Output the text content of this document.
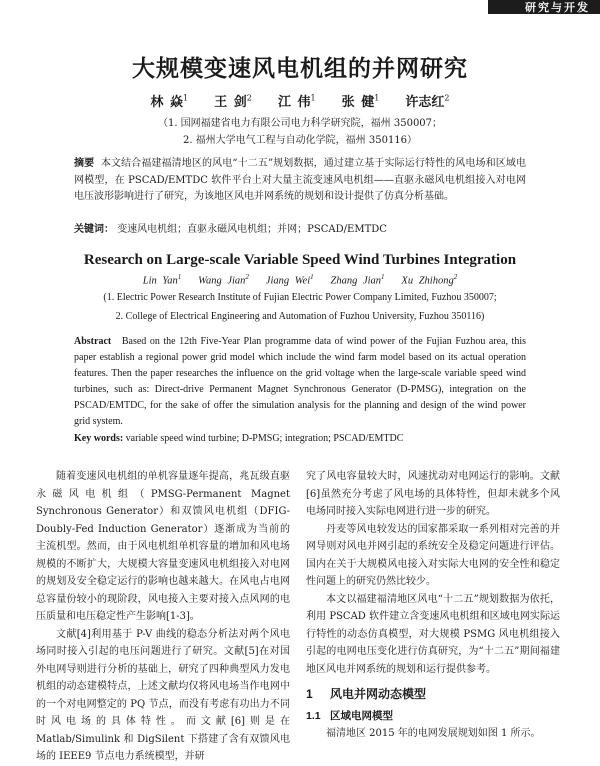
研究与开发
大规模变速风电机组的并网研究
林 焱$^1$ 王 剑$^2$ 江 伟$^1$ 张 健$^1$ 许志红$^2$
（1. 国网福建省电力有限公司电力科学研究院，福州 350007；
2. 福州大学电气工程与自动化学院，福州 350116）
摘要 本文结合福建福清地区的风电“十二五”规划数据，通过建立基于实际运行特性的风电场和区域电网模型，在 PSCAD/EMTDC 软件平台上对大量主流变速风电机组——直驱永磁风电机组接入对电网电压波形影响进行了研究，为该地区风电并网系统的规划和设计提供了仿真分析基础。
关键词： 变速风电机组；直驱永磁风电机组；并网；PSCAD/EMTDC
Research on Large-scale Variable Speed Wind Turbines Integration
Lin Yan$^1$ Wang Jian$^2$ Jiang Wei$^1$ Zhang Jian$^1$ Xu Zhihong$^2$
(1. Electric Power Research Institute of Fujian Electric Power Company Limited, Fuzhou 350007;
2. College of Electrical Engineering and Automation of Fuzhou University, Fuzhou 350116)
Abstract Based on the 12th Five-Year Plan programme data of wind power of the Fujian Fuzhou area, this paper establish a regional power grid model which include the wind farm model based on its actual operation features. Then the paper researches the influence on the grid voltage when the large-scale variable speed wind turbines, such as: Direct-drive Permanent Magnet Synchronous Generator (D-PMSG), integration on the PSCAD/EMTDC, for the sake of offer the simulation analysis for the planning and design of the wind power grid system.
Key words: variable speed wind turbine; D-PMSG; integration; PSCAD/EMTDC

随着变速风电机组的单机容量逐年提高，兆瓦级直驱永磁风电机组（PMSG-Permanent Magnet Synchronous Generator）和双馈风电机组（DFIG-Doubly-Fed Induction Generator）逐渐成为当前的主流机型。然而，由于风电机组单机容量的增加和风电场规模的不断扩大，大规模大容量变速风电机组接入对电网的规划及安全稳定运行的影响也越来越大。在风电占电网总容量份较小的现阶段，风电接入主要对接入点风网的电压质量和电压稳定性产生影响[1-3]。

文献[4]利用基于 P-V 曲线的稳态分析法对两个风电场同时接入引起的电压问题进行了研究。文献[5]在对国外电网导则进行分析的基础上，研究了四种典型风力发电机组的动态建模特点，上述文献均仅将风电场当作电网中的一个对电网整定的 PQ 节点，而没有考虑有功出力不同时风电场的具体特性。而文献[6]则是在 Matlab/Simulink 和 DigSilent 下搭建了含有双馈风电场的 IEEE9 节点电力系统模型，并研

究了风电容量较大时，风速扰动对电网运行的影响。文献[6]虽然充分考虑了风电场的具体特性，但却未就多个风电场同时接入实际电网进行进一步的研究。

丹麦等风电较发达的国家都采取一系列相对完善的并网导则对风电并网引起的系统安全及稳定问题进行评估。国内在关于大规模风电接入对实际大电网的安全性和稳定性问题上的研究仍然比较少。

本文以福建福清地区风电“十二五”规划数据为依托，利用 PSCAD 软件建立含变速风电机组和区域电网实际运行特性的动态仿真模型，对大规模 PSMG 风电机组接入引起的电网电压变化进行仿真研究，为“十二五”期间福建地区风电并网系统的规划和运行提供参考。

1 风电并网动态模型
1.1 区域电网模型

福清地区 2015 年的电网发展规划如图 1 所示。
